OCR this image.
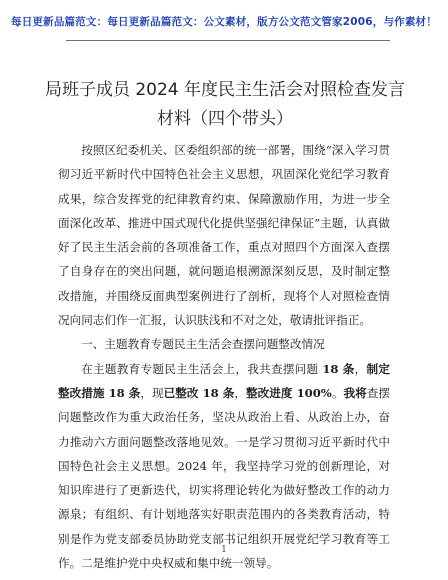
每日更新品篇范文：每日更新品篇范文：公文素材，版方公文范文管家2006，与作素材！
局班子成员 2024 年度民主生活会对照检查发言材料（四个带头）

按照区纪委机关、区委组织部的统一部署，围绕“深入学习贯彻习近平新时代中国特色社会主义思想，巩固深化党纪学习教育成果，综合发挥党的纪律教育约束、保障激励作用，为进一步全面深化改革、推进中国式现代化提供坚强纪律保证”主题，认真做好了民主生活会前的各项准备工作，重点对照四个方面深入查摆了自身存在的突出问题，就问题追根溯源深刻反思，及时制定整改措施，并围绕反面典型案例进行了剖析，现将个人对照检查情况向同志们作一汇报，认识肤浅和不对之处，敬请批评指正。

一、主题教育专题民主生活会查摆问题整改情况

在主题教育专题民主生活会上，我共查摆问题 18 条，制定整改措施 18 条，现已整改 18 条，整改进度 100%。我将查摆问题整改作为重大政治任务，坚决从政治上看、从政治上办，奋力推动六方面问题整改落地见效。一是学习贯彻习近平新时代中国特色社会主义思想。2024 年，我坚持学习党的创新理论，对知识库进行了更新迭代，切实将理论转化为做好整改工作的动力源泉；有组织、有计划地落实好职责范围内的各类教育活动，特别是作为党支部委员协助党支部书记组织开展党纪学习教育等工作。二是维护党中央权威和集中统一领导。

1
